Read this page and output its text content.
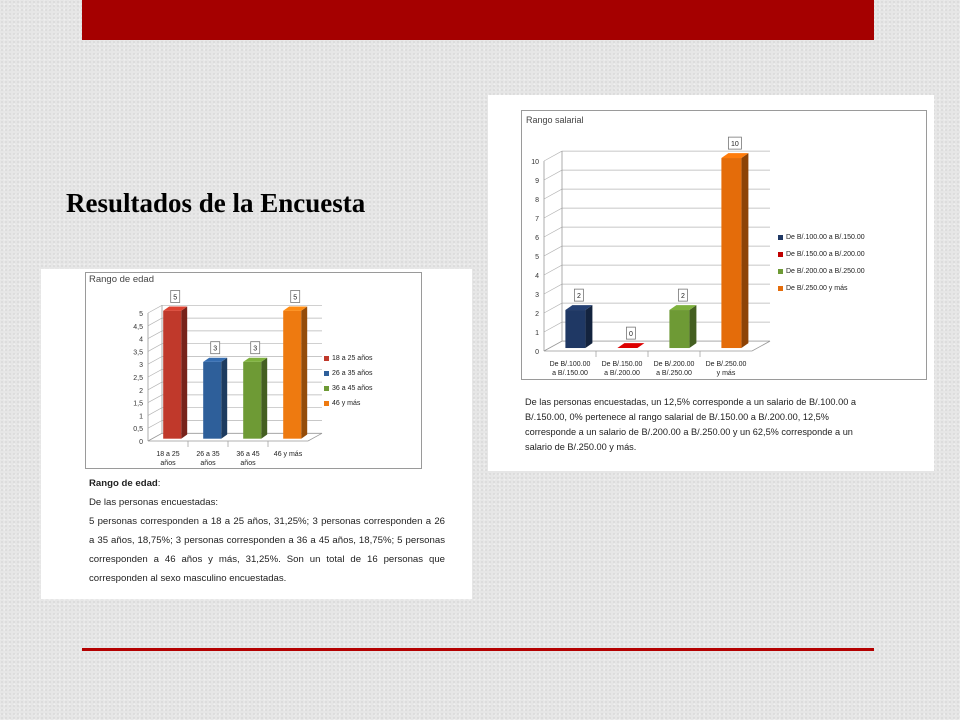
Resultados de la Encuesta
Rango de edad
0
0,5
1
1,5
2
2,5
3
3,5
4
4,5
5
5
18 a 25 años
3
26 a 35 años
3
36 a 45 años
5
46 y más
18 a 25 años
26 a 35 años
36 a 45 años
46 y más

Rango de edad:

De las personas encuestadas:

5 personas corresponden a 18 a 25 años, 31,25%; 3 personas corresponden a 26 a 35 años, 18,75%; 3 personas corresponden a 36 a 45 años, 18,75%; 5 personas corresponden a 46 años y más, 31,25%. Son un total de 16 personas que corresponden al sexo masculino encuestadas.

Rango salarial
0
1
2
3
4
5
6
7
8
9
10
2
De B/.100.00 a B/.150.00
0
De B/.150.00 a B/.200.00
2
De B/.200.00 a B/.250.00
10
De B/.250.00 y más
De B/.100.00 a B/.150.00
De B/.150.00 a B/.200.00
De B/.200.00 a B/.250.00
De B/.250.00 y más
De las personas encuestadas, un 12,5% corresponde a un salario de B/.100.00 a B/.150.00, 0% pertenece al rango salarial de B/.150.00 a B/.200.00, 12,5% corresponde a un salario de B/.200.00 a B/.250.00 y un 62,5% corresponde a un salario de B/.250.00 y más.
